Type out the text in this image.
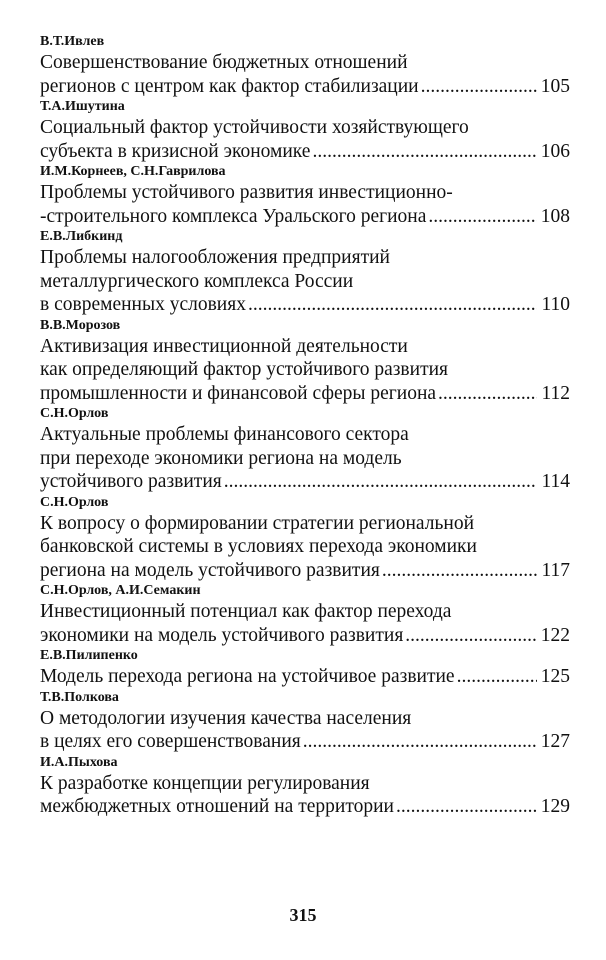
В.Т.Ивлев
Совершенствование бюджетных отношений
регионов с центром как фактор стабилизации .....	105
Т.А.Ишутина
Социальный фактор устойчивости хозяйствующего
субъекта в кризисной экономике .....	106
И.М.Корнеев, С.Н.Гаврилова
Проблемы устойчивого развития инвестиционно-
-строительного комплекса Уральского региона .....	108
Е.В.Либкинд
Проблемы налогообложения предприятий
металлургического комплекса России
в современных условиях .....	110
В.В.Морозов
Активизация инвестиционной деятельности
как определяющий фактор устойчивого развития
промышленности и финансовой сферы региона .....	112
С.Н.Орлов
Актуальные проблемы финансового сектора
при переходе экономики региона на модель
устойчивого развития .....	114
С.Н.Орлов
К вопросу о формировании стратегии региональной
банковской системы в условиях перехода экономики
региона на модель устойчивого развития .....	117
С.Н.Орлов, А.И.Семакин
Инвестиционный потенциал как фактор перехода
экономики на модель устойчивого развития .....	122
Е.В.Пилипенко
Модель перехода региона на устойчивое развитие .....	125
Т.В.Полкова
О методологии изучения качества населения
в целях его совершенствования .....	127
И.А.Пыхова
К разработке концепции регулирования
межбюджетных отношений на территории .....	129
315
